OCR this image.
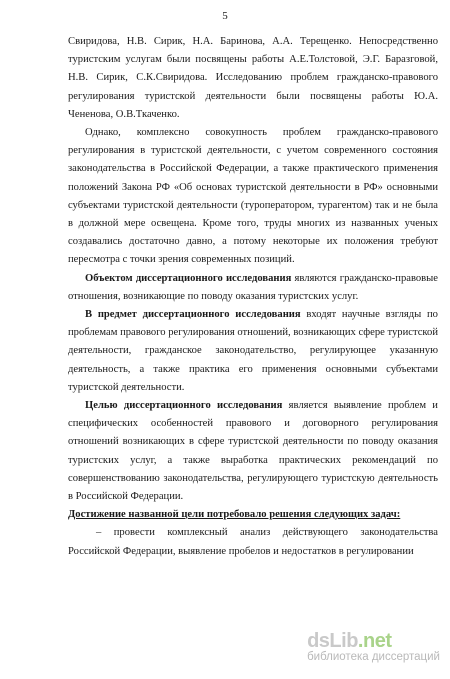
5

Свиридова, Н.В. Сирик, Н.А. Баринова, А.А. Терещенко. Непосредственно туристским услугам были посвящены работы А.Е.Толстовой, Э.Г. Баразговой, Н.В. Сирик, С.К.Свиридова. Исследованию проблем гражданско-правового регулирования туристской деятельности были посвящены работы Ю.А. Чененова, О.В.Ткаченко.

Однако, комплексно совокупность проблем гражданско-правового регулирования в туристской деятельности, с учетом современного состояния законодательства в Российской Федерации, а также практического применения положений Закона РФ «Об основах туристской деятельности в РФ» основными субъектами туристской деятельности (туроператором, турагентом) так и не была в должной мере освещена. Кроме того, труды многих из названных ученых создавались достаточно давно, а потому некоторые их положения требуют пересмотра с точки зрения современных позиций.

Объектом диссертационного исследования являются гражданско-правовые отношения, возникающие по поводу оказания туристских услуг.

В предмет диссертационного исследования входят научные взгляды по проблемам правового регулирования отношений, возникающих сфере туристской деятельности, гражданское законодательство, регулирующее указанную деятельность, а также практика его применения основными субъектами туристской деятельности.

Целью диссертационного исследования является выявление проблем и специфических особенностей правового и договорного регулирования отношений возникающих в сфере туристской деятельности по поводу оказания туристских услуг, а также выработка практических рекомендаций по совершенствованию законодательства, регулирующего туристскую деятельность в Российской Федерации.

Достижение названной цели потребовало решения следующих задач:

– провести комплексный анализ действующего законодательства Российской Федерации, выявление пробелов и недостатков в регулировании

dsLib.net
библиотека диссертаций
